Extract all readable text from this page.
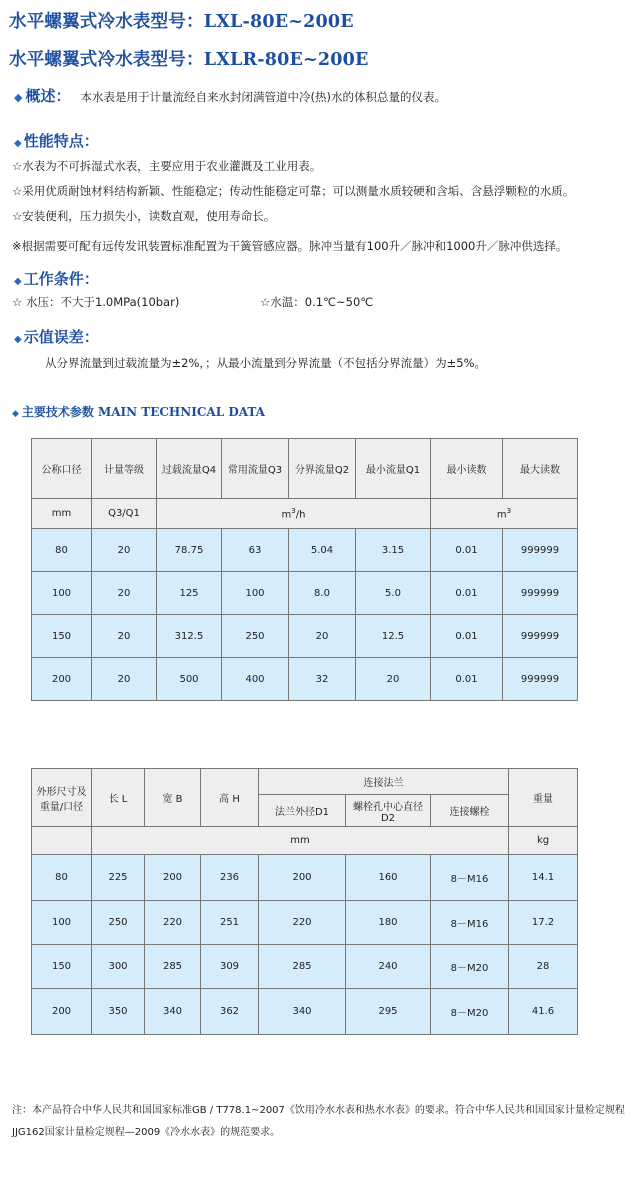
水平螺翼式冷水表型号：LXL-80E~200E
水平螺翼式冷水表型号：LXLR-80E~200E
◆ 概述： 本水表是用于计量流经自来水封闭满管道中冷(热)水的体积总量的仪表。
◆ 性能特点：
☆水表为不可拆湿式水表，主要应用于农业灌溉及工业用表。
☆采用优质耐蚀材料结构新颖、性能稳定；传动性能稳定可靠；可以测量水质较硬和含垢、含悬浮颗粒的水质。
☆安装便利，压力损失小，读数直观，使用寿命长。
※根据需要可配有远传发讯装置标准配置为干簧管感应器。脉冲当量有100升／脉冲和1000升／脉冲供选择。
◆ 工作条件：
☆ 水压：不大于1.0MPa(10bar)	☆水温：0.1℃~50℃
◆ 示值误差：
从分界流量到过载流量为±2%，；从最小流量到分界流量（不包括分界流量）为±5%。
◆ 主要技术参数 MAIN TECHNICAL DATA
公称口径	计量等级	过载流量Q4	常用流量Q3	分界流量Q2	最小流量Q1	最小读数	最大读数
mm	Q3/Q1	$m^3/h$				$m^3$
80	20	78.75	63	5.04	3.15	0.01	999999
100	20	125	100	8.0	5.0	0.01	999999
150	20	312.5	250	20	12.5	0.01	999999
200	20	500	400	32	20	0.01	999999
外形尺寸及
重量/口径	长 L	宽 B	高 H	连接法兰			重量
				法兰外径D1	螺栓孔中心直径D2	连接螺栓	
	mm						kg
80	225	200	236	200	160	8－M16	14.1
100	250	220	251	220	180	8－M16	17.2
150	300	285	309	285	240	8－M20	28
200	350	340	362	340	295	8－M20	41.6
注：本产品符合中华人民共和国国家标准GB / T778.1~2007《饮用冷水水表和热水水表》的要求。符合中华人民共和国国家计量检定规程JJG162国家计量检定规程—2009《冷水水表》的规范要求。
